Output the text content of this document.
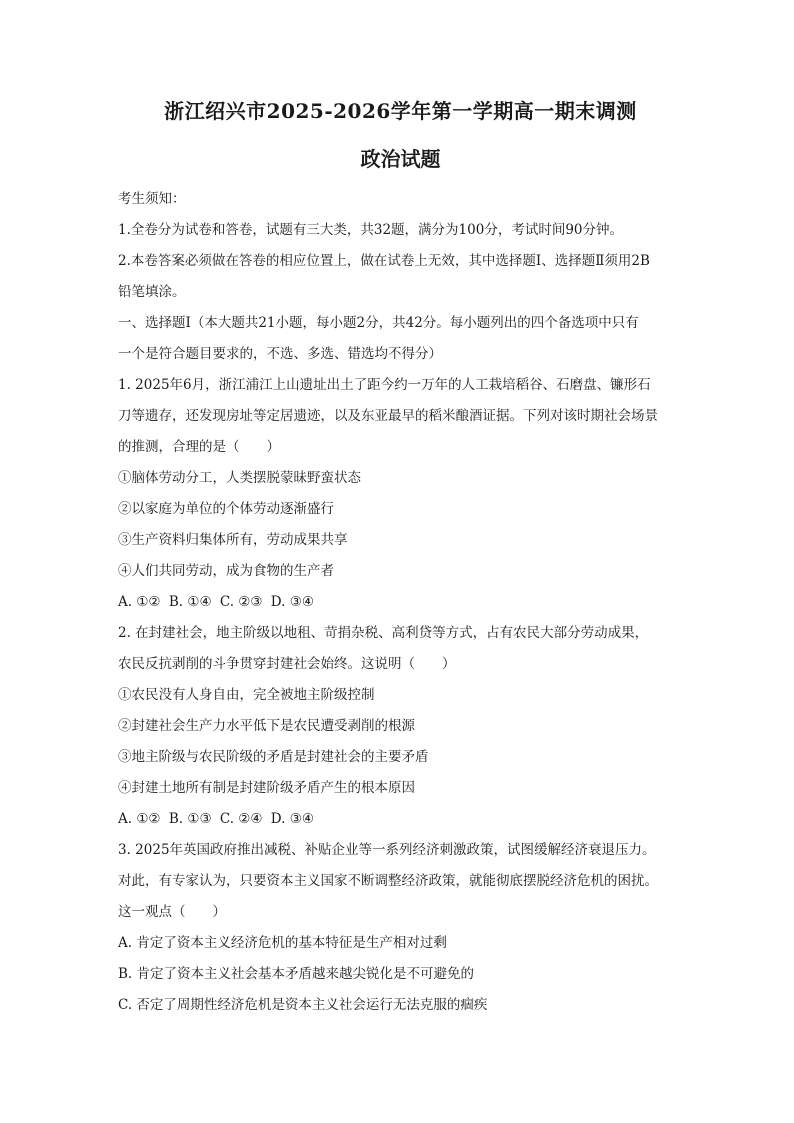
浙江绍兴市2025-2026学年第一学期高一期末调测
政治试题
考生须知：
1.全卷分为试卷和答卷，试题有三大类，共32题，满分为100分，考试时间90分钟。
2.本卷答案必须做在答卷的相应位置上，做在试卷上无效，其中选择题Ⅰ、选择题Ⅱ须用2B
铅笔填涂。
一、选择题Ⅰ（本大题共21小题，每小题2分，共42分。每小题列出的四个备选项中只有
一个是符合题目要求的，不选、多选、错选均不得分）
1. 2025年6月，浙江浦江上山遗址出土了距今约一万年的人工栽培稻谷、石磨盘、镰形石
刀等遗存，还发现房址等定居遗迹，以及东亚最早的稻米酿酒证据。下列对该时期社会场景
的推测，合理的是（　　）
①脑体劳动分工，人类摆脱蒙昧野蛮状态
②以家庭为单位的个体劳动逐渐盛行
③生产资料归集体所有，劳动成果共享
④人们共同劳动，成为食物的生产者
A. ①② B. ①④ C. ②③ D. ③④
2. 在封建社会，地主阶级以地租、苛捐杂税、高利贷等方式，占有农民大部分劳动成果，
农民反抗剥削的斗争贯穿封建社会始终。这说明（　　）
①农民没有人身自由，完全被地主阶级控制
②封建社会生产力水平低下是农民遭受剥削的根源
③地主阶级与农民阶级的矛盾是封建社会的主要矛盾
④封建土地所有制是封建阶级矛盾产生的根本原因
A. ①② B. ①③ C. ②④ D. ③④
3. 2025年英国政府推出减税、补贴企业等一系列经济刺激政策，试图缓解经济衰退压力。
对此，有专家认为，只要资本主义国家不断调整经济政策，就能彻底摆脱经济危机的困扰。
这一观点（　　）
A. 肯定了资本主义经济危机的基本特征是生产相对过剩
B. 肯定了资本主义社会基本矛盾越来越尖锐化是不可避免的
C. 否定了周期性经济危机是资本主义社会运行无法克服的痼疾
